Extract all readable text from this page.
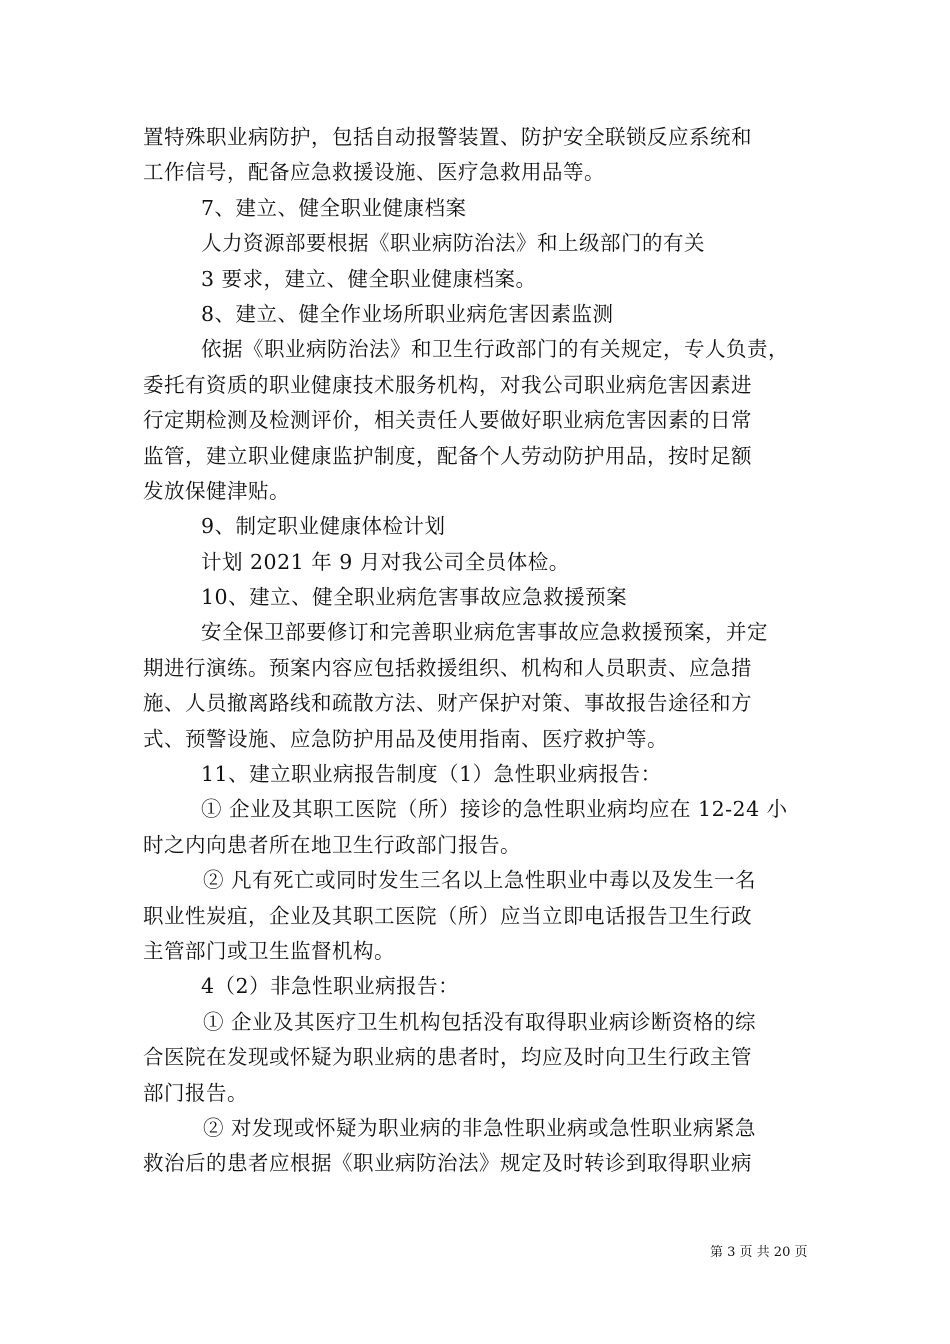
置特殊职业病防护，包括自动报警装置、防护安全联锁反应系统和
工作信号，配备应急救援设施、医疗急救用品等。
7、建立、健全职业健康档案
人力资源部要根据《职业病防治法》和上级部门的有关
3 要求，建立、健全职业健康档案。
8、建立、健全作业场所职业病危害因素监测
依据《职业病防治法》和卫生行政部门的有关规定，专人负责，
委托有资质的职业健康技术服务机构，对我公司职业病危害因素进
行定期检测及检测评价，相关责任人要做好职业病危害因素的日常
监管，建立职业健康监护制度，配备个人劳动防护用品，按时足额
发放保健津贴。
9、制定职业健康体检计划
计划 2021 年 9 月对我公司全员体检。
10、建立、健全职业病危害事故应急救援预案
安全保卫部要修订和完善职业病危害事故应急救援预案，并定
期进行演练。预案内容应包括救援组织、机构和人员职责、应急措
施、人员撤离路线和疏散方法、财产保护对策、事故报告途径和方
式、预警设施、应急防护用品及使用指南、医疗救护等。
11、建立职业病报告制度（1）急性职业病报告：
① 企业及其职工医院（所）接诊的急性职业病均应在 12-24 小
时之内向患者所在地卫生行政部门报告。
② 凡有死亡或同时发生三名以上急性职业中毒以及发生一名
职业性炭疽，企业及其职工医院（所）应当立即电话报告卫生行政
主管部门或卫生监督机构。
4（2）非急性职业病报告：
① 企业及其医疗卫生机构包括没有取得职业病诊断资格的综
合医院在发现或怀疑为职业病的患者时，均应及时向卫生行政主管
部门报告。
② 对发现或怀疑为职业病的非急性职业病或急性职业病紧急
救治后的患者应根据《职业病防治法》规定及时转诊到取得职业病
第 3 页 共 20 页
